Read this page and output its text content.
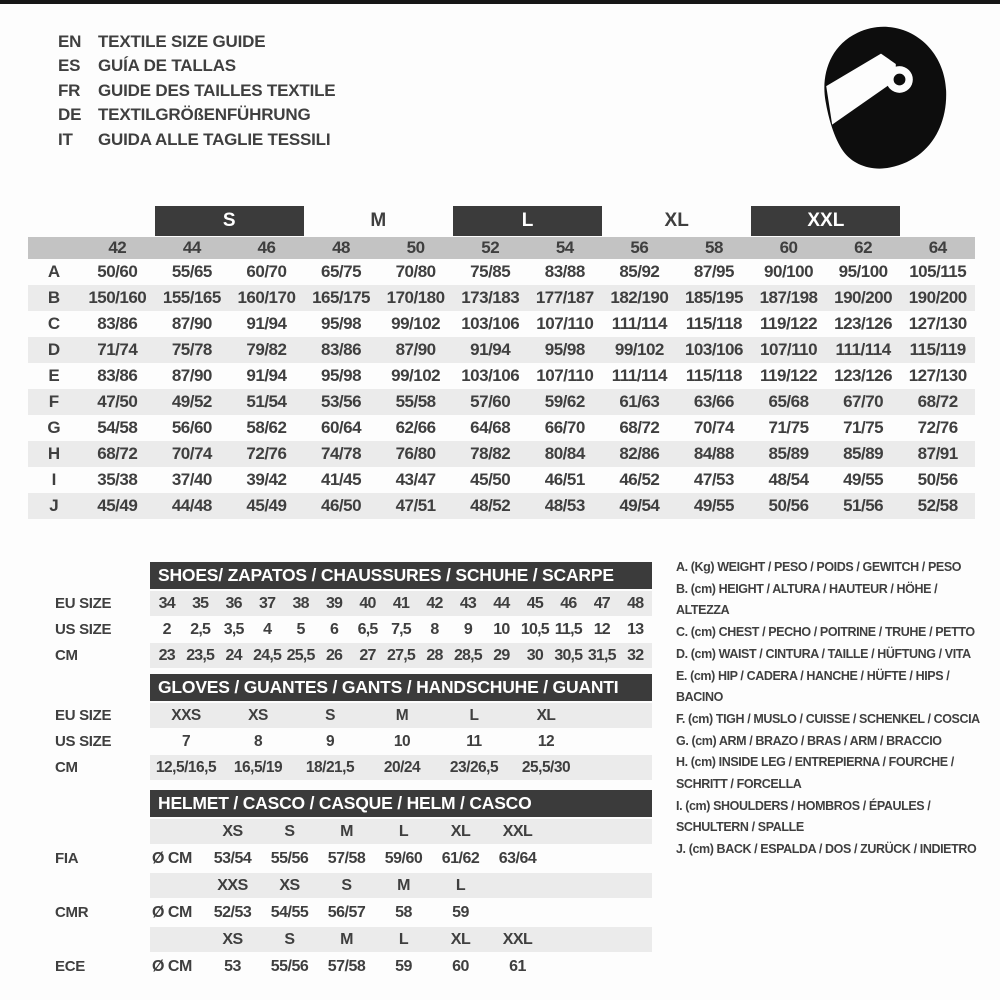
EN TEXTILE SIZE GUIDE
ES	GUÍA DE TALLAS
FR	GUIDE DES TAILLES TEXTILE
DE TEXTILGRÖßENFÜHRUNG
IT	GUIDA ALLE TAGLIE TESSILI
S	M	L	XL	XXL
42	44	46	48	50	52	54	56	58	60	62	64
A	50/60	55/65	60/70	65/75	70/80	75/85	83/88	85/92	87/95	90/100	95/100	105/115
B	150/160 155/165 160/170 165/175 170/180 173/183 177/187 182/190 185/195 187/198 190/200 190/200
C	83/86	87/90	91/94	95/98	99/102	103/106	107/110	111/114	115/118	119/122	123/126 127/130
D	71/74	75/78	79/82	83/86	87/90	91/94	95/98	99/102	103/106	107/110	111/114	115/119
E	83/86	87/90	91/94	95/98	99/102	103/106	107/110	111/114	115/118	119/122	123/126 127/130
F	47/50	49/52	51/54	53/56	55/58	57/60	59/62	61/63	63/66	65/68	67/70	68/72
G	54/58	56/60	58/62	60/64	62/66	64/68	66/70	68/72	70/74	71/75	71/75	72/76
H	68/72	70/74	72/76	74/78	76/80	78/82	80/84	82/86	84/88	85/89	85/89	87/91
I	35/38	37/40	39/42	41/45	43/47	45/50	46/51	46/52	47/53	48/54	49/55	50/56
J	45/49	44/48	45/49	46/50	47/51	48/52	48/53	49/54	49/55	50/56	51/56	52/58
SHOES/ ZAPATOS / CHAUSSURES / SCHUHE / SCARPE
EU SIZE	34	35	36	37	38	39	40	41	42	43	44	45	46	47	48
US SIZE	2	2,5 3,5	4	5	6	6,5 7,5	8	9	10 10,5 11,5 12	13
CM	23 23,5 24 24,5 25,5 26	27 27,5 28 28,5 29	30 30,5 31,5 32
GLOVES / GUANTES / GANTS / HANDSCHUHE / GUANTI
EU SIZE	XXS	XS	S	M	L	XL
US SIZE	7	8	9	10	11	12
CM	12,5/16,5	16,5/19	18/21,5	20/24	23/26,5	25,5/30
HELMET / CASCO / CASQUE / HELM / CASCO
XS	S	M	L	XL	XXL
FIA	Ø CM	53/54	55/56	57/58	59/60	61/62	63/64
XXS	XS	S	M	L
CMR	Ø CM	52/53	54/55	56/57	58	59
XS	S	M	L	XL	XXL
ECE	Ø CM	53	55/56	57/58	59	60	61
A. (Kg) WEIGHT / PESO / POIDS / GEWITCH / PESO
B. (cm) HEIGHT / ALTURA / HAUTEUR / HÖHE / ALTEZZA
C. (cm) CHEST / PECHO / POITRINE / TRUHE / PETTO
D. (cm) WAIST / CINTURA / TAILLE / HÜFTUNG / VITA
E. (cm) HIP / CADERA / HANCHE / HÜFTE / HIPS / BACINO
F. (cm) TIGH / MUSLO / CUISSE / SCHENKEL / COSCIA
G. (cm) ARM / BRAZO / BRAS / ARM / BRACCIO
H. (cm) INSIDE LEG / ENTREPIERNA / FOURCHE / SCHRITT / FORCELLA
I. (cm) SHOULDERS / HOMBROS / ÉPAULES / SCHULTERN / SPALLE
J. (cm) BACK / ESPALDA / DOS / ZURÜCK / INDIETRO
